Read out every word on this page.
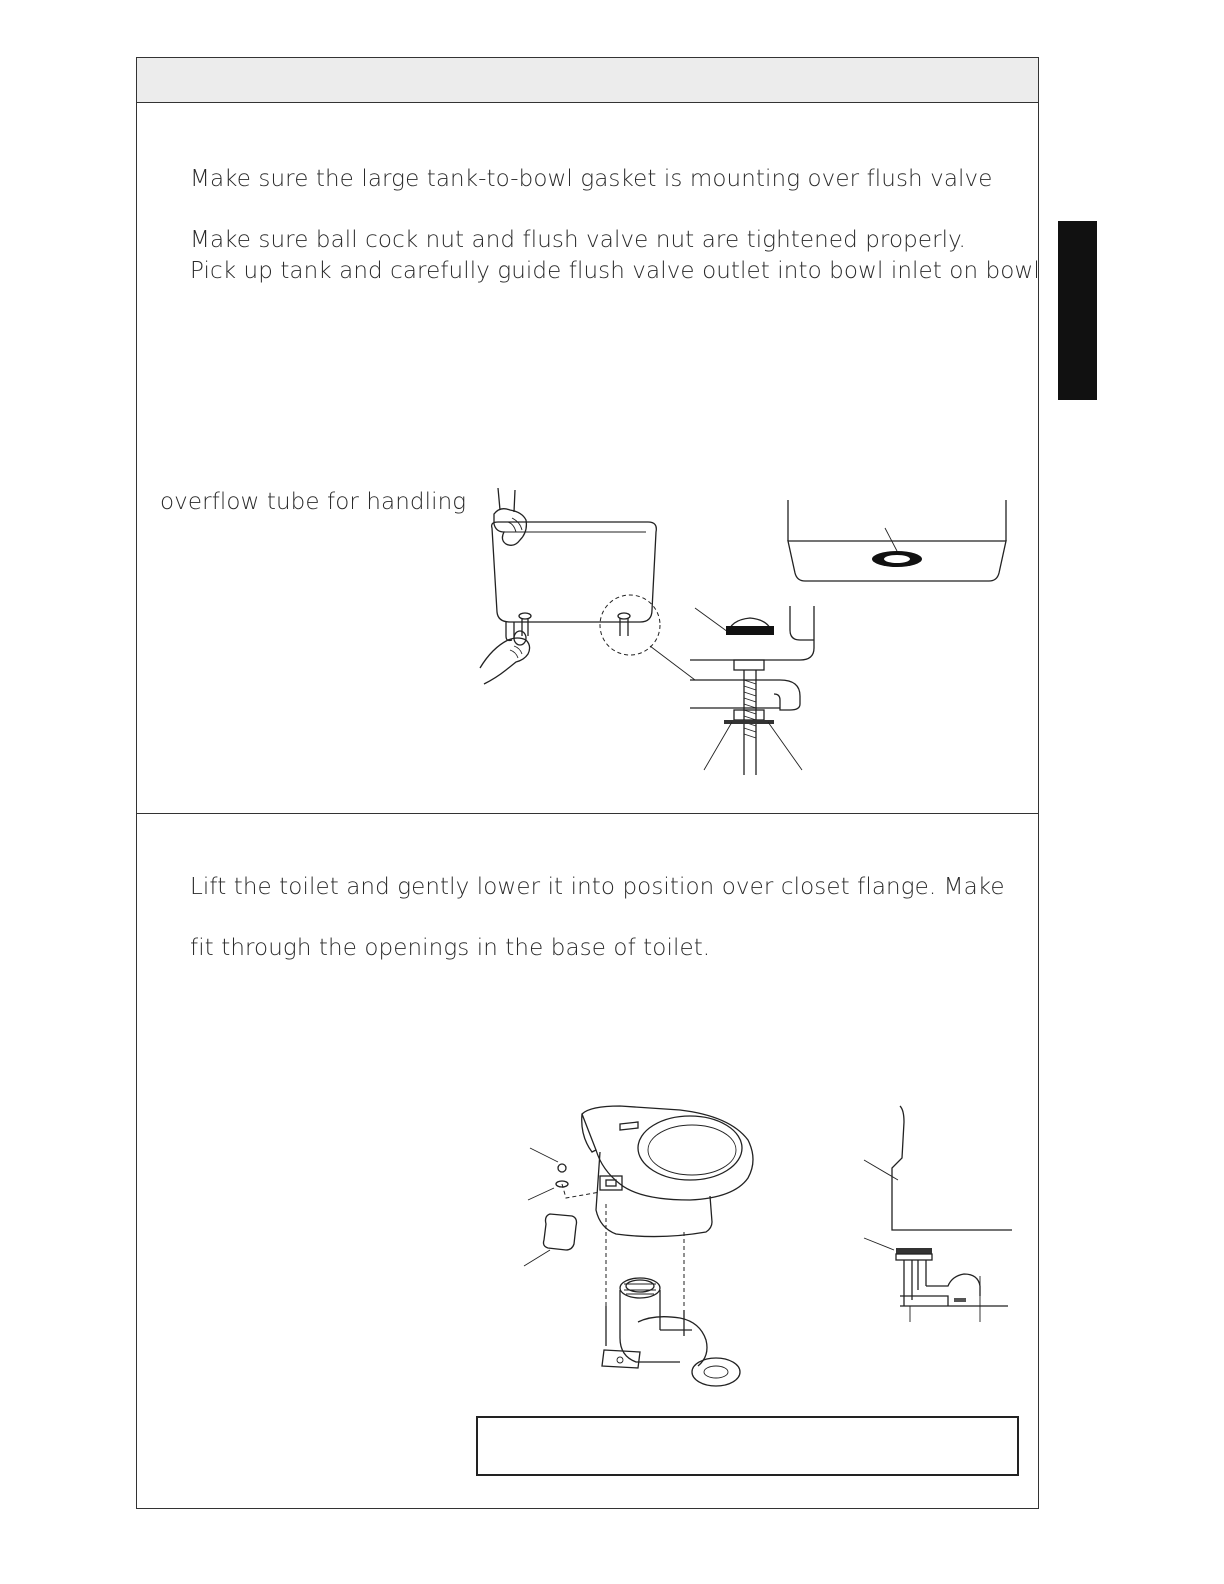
Make sure the large tank-to-bowl gasket is mounting over flush valve
Make sure ball cock nut and flush valve nut are tightened properly.
Pick up tank and carefully guide flush valve outlet into bowl inlet on bowl
overflow tube for handling
Lift the toilet and gently lower it into position over closet flange. Make
fit through the openings in the base of toilet.
